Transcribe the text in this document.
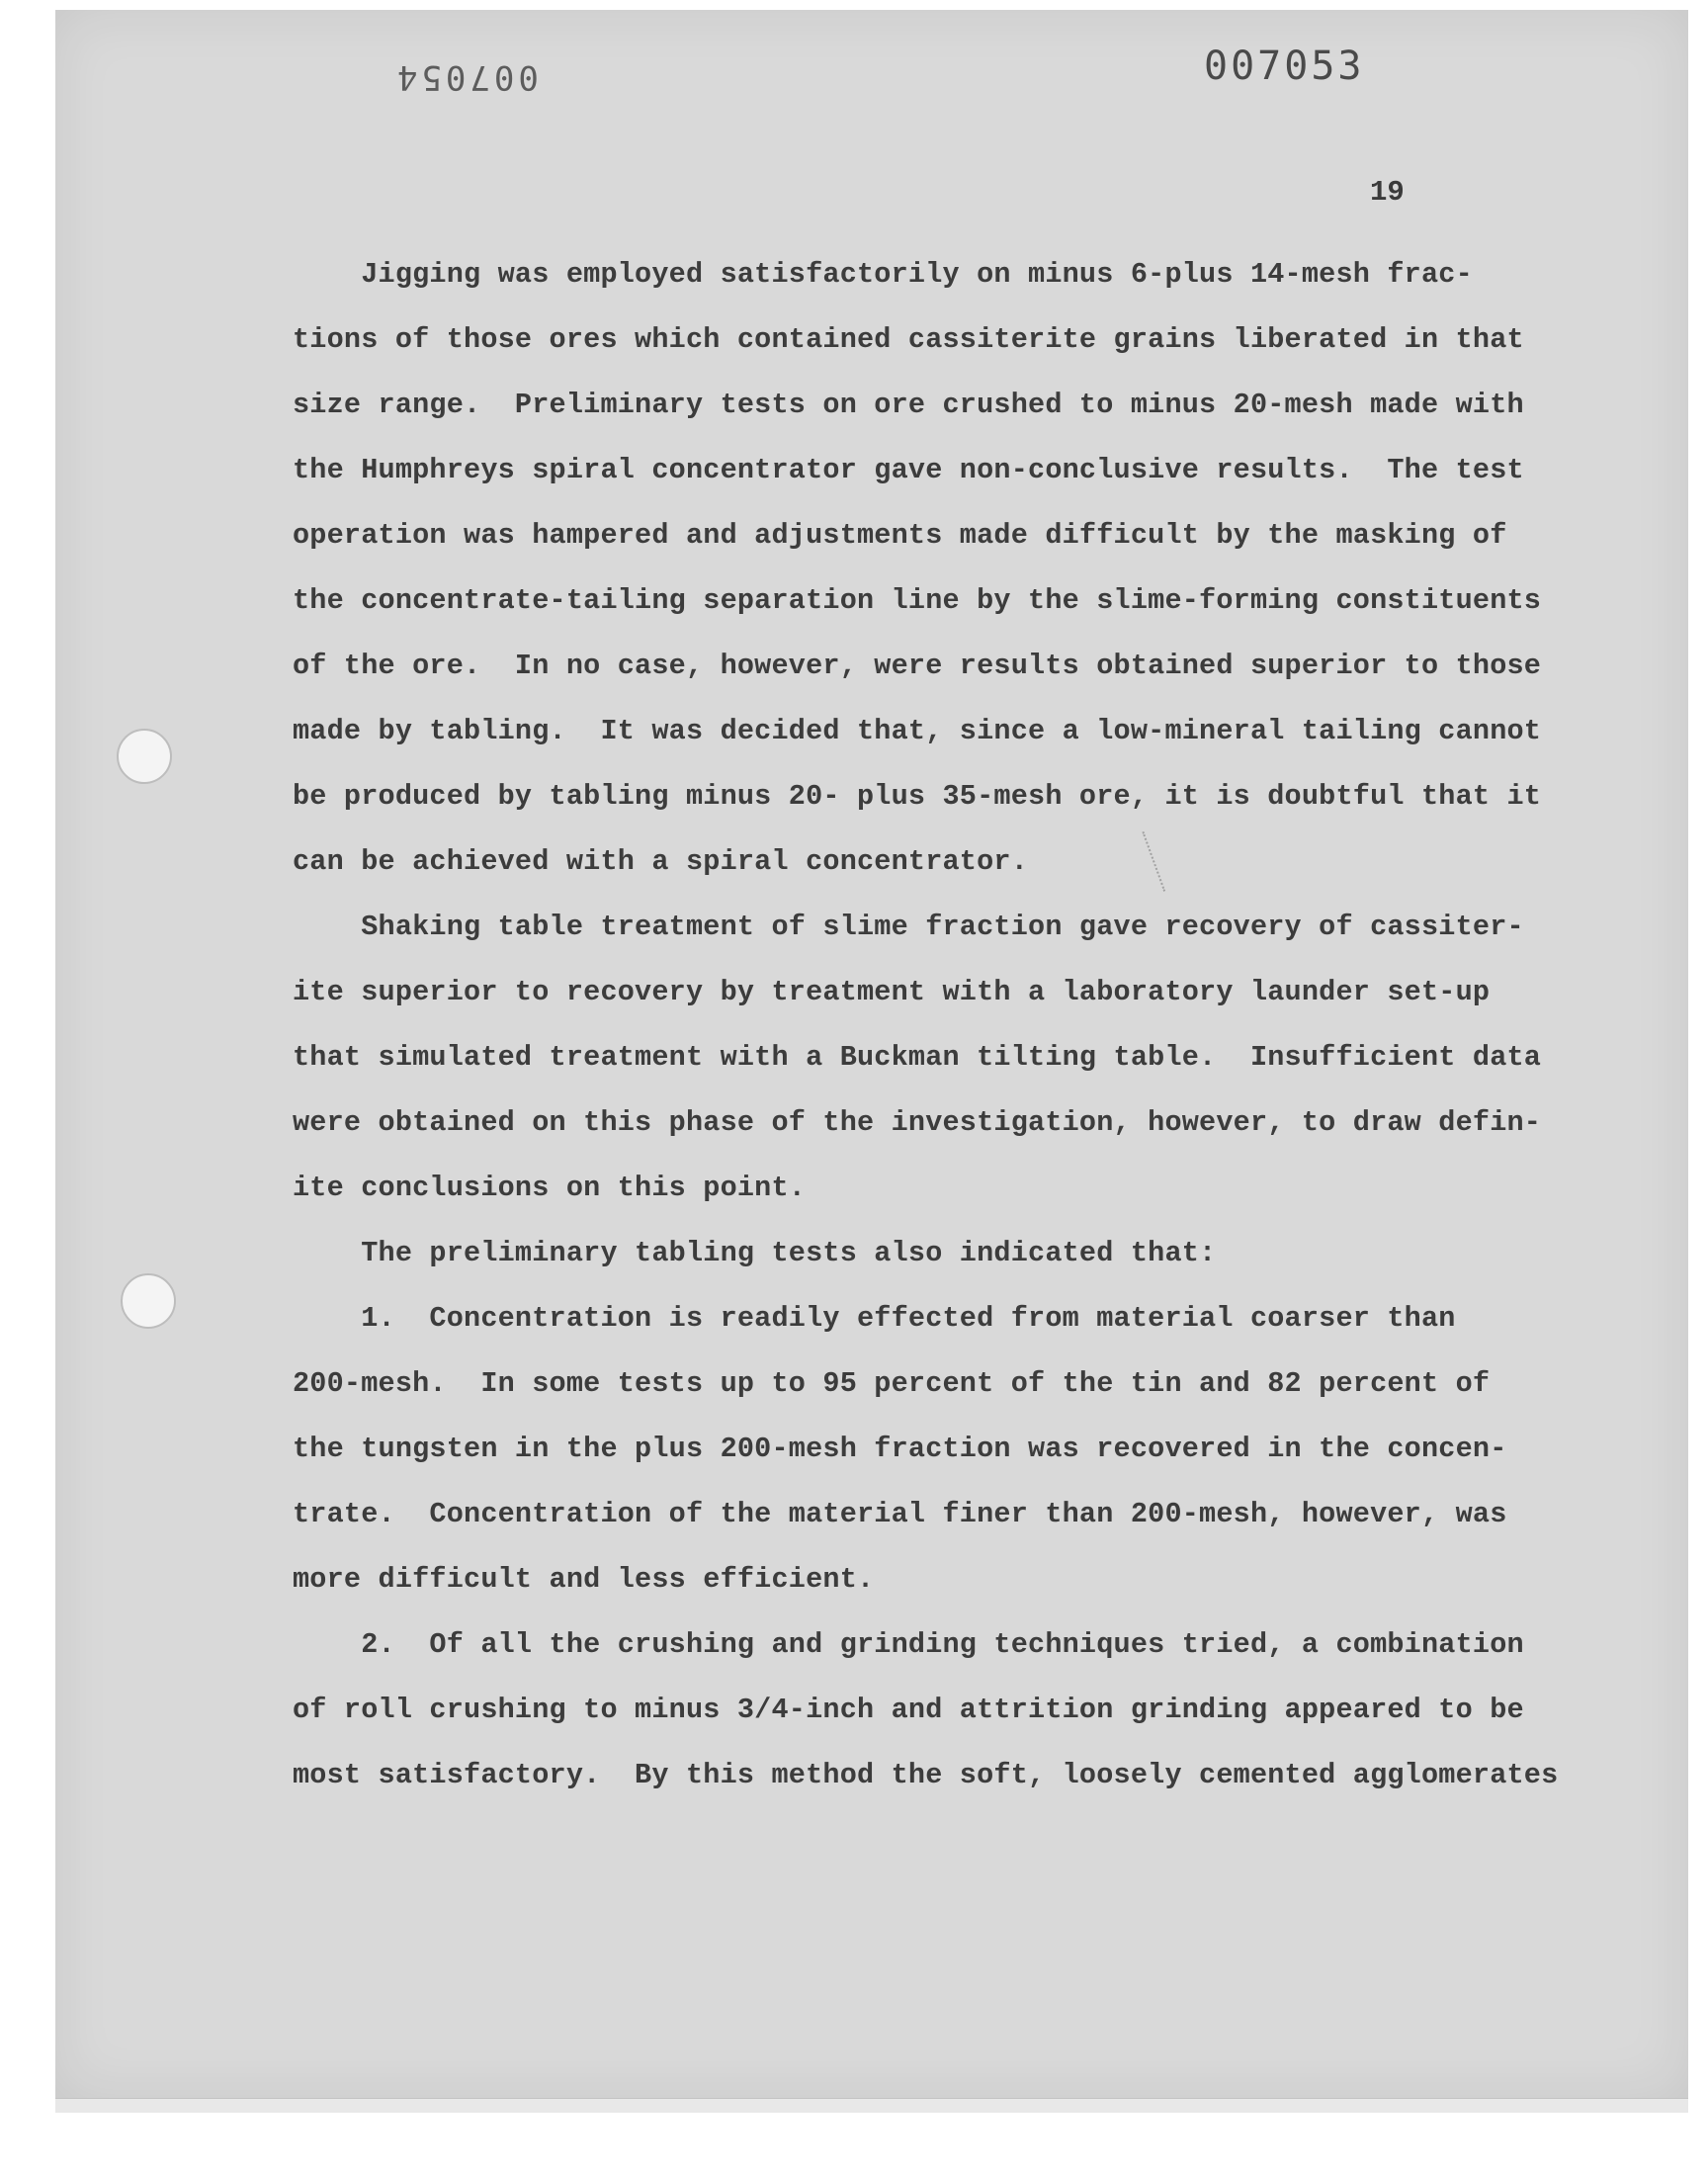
007054	007053
19
Jigging was employed satisfactorily on minus 6-plus 14-mesh frac-
tions of those ores which contained cassiterite grains liberated in that
size range.  Preliminary tests on ore crushed to minus 20-mesh made with
the Humphreys spiral concentrator gave non-conclusive results.  The test
operation was hampered and adjustments made difficult by the masking of
the concentrate-tailing separation line by the slime-forming constituents
of the ore.  In no case, however, were results obtained superior to those
made by tabling.  It was decided that, since a low-mineral tailing cannot
be produced by tabling minus 20- plus 35-mesh ore, it is doubtful that it
can be achieved with a spiral concentrator.
Shaking table treatment of slime fraction gave recovery of cassiter-
ite superior to recovery by treatment with a laboratory launder set-up
that simulated treatment with a Buckman tilting table.  Insufficient data
were obtained on this phase of the investigation, however, to draw defin-
ite conclusions on this point.
The preliminary tabling tests also indicated that:
1.  Concentration is readily effected from material coarser than
200-mesh.  In some tests up to 95 percent of the tin and 82 percent of
the tungsten in the plus 200-mesh fraction was recovered in the concen-
trate.  Concentration of the material finer than 200-mesh, however, was
more difficult and less efficient.
2.  Of all the crushing and grinding techniques tried, a combination
of roll crushing to minus 3/4-inch and attrition grinding appeared to be
most satisfactory.  By this method the soft, loosely cemented agglomerates
